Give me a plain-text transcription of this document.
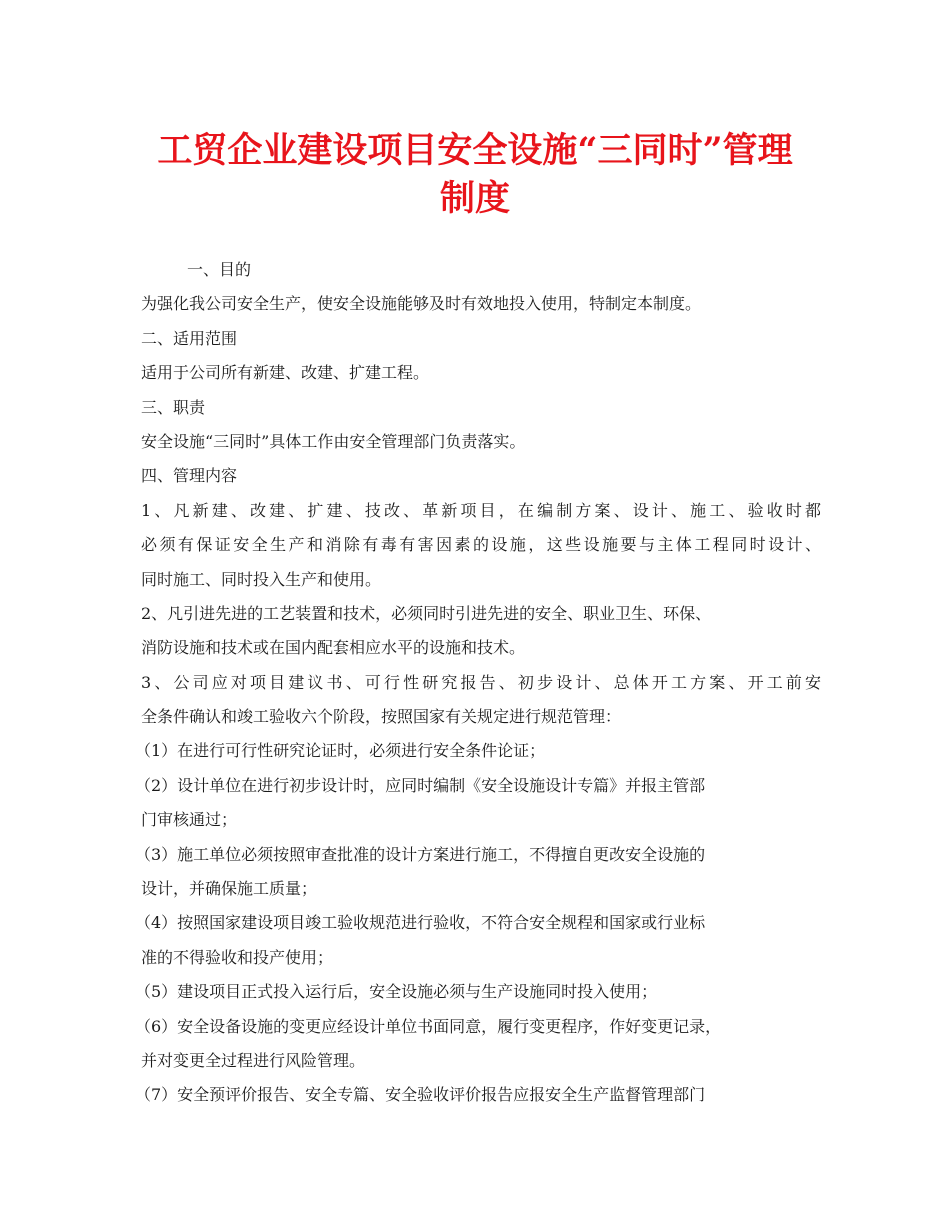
工贸企业建设项目安全设施“三同时”管理
制度

一、目的

为强化我公司安全生产，使安全设施能够及时有效地投入使用，特制定本制度。

二、适用范围

适用于公司所有新建、改建、扩建工程。

三、职责

安全设施“三同时”具体工作由安全管理部门负责落实。

四、管理内容

1、凡新建、改建、扩建、技改、革新项目，在编制方案、设计、施工、验收时都

必须有保证安全生产和消除有毒有害因素的设施，这些设施要与主体工程同时设计、

同时施工、同时投入生产和使用。

2、凡引进先进的工艺装置和技术，必须同时引进先进的安全、职业卫生、环保、

消防设施和技术或在国内配套相应水平的设施和技术。

3、公司应对项目建议书、可行性研究报告、初步设计、总体开工方案、开工前安

全条件确认和竣工验收六个阶段，按照国家有关规定进行规范管理：

（1）在进行可行性研究论证时，必须进行安全条件论证；

（2）设计单位在进行初步设计时，应同时编制《安全设施设计专篇》并报主管部

门审核通过；

（3）施工单位必须按照审查批准的设计方案进行施工，不得擅自更改安全设施的

设计，并确保施工质量；

（4）按照国家建设项目竣工验收规范进行验收，不符合安全规程和国家或行业标

准的不得验收和投产使用；

（5）建设项目正式投入运行后，安全设施必须与生产设施同时投入使用；

（6）安全设备设施的变更应经设计单位书面同意，履行变更程序，作好变更记录，

并对变更全过程进行风险管理。

（7）安全预评价报告、安全专篇、安全验收评价报告应报安全生产监督管理部门
